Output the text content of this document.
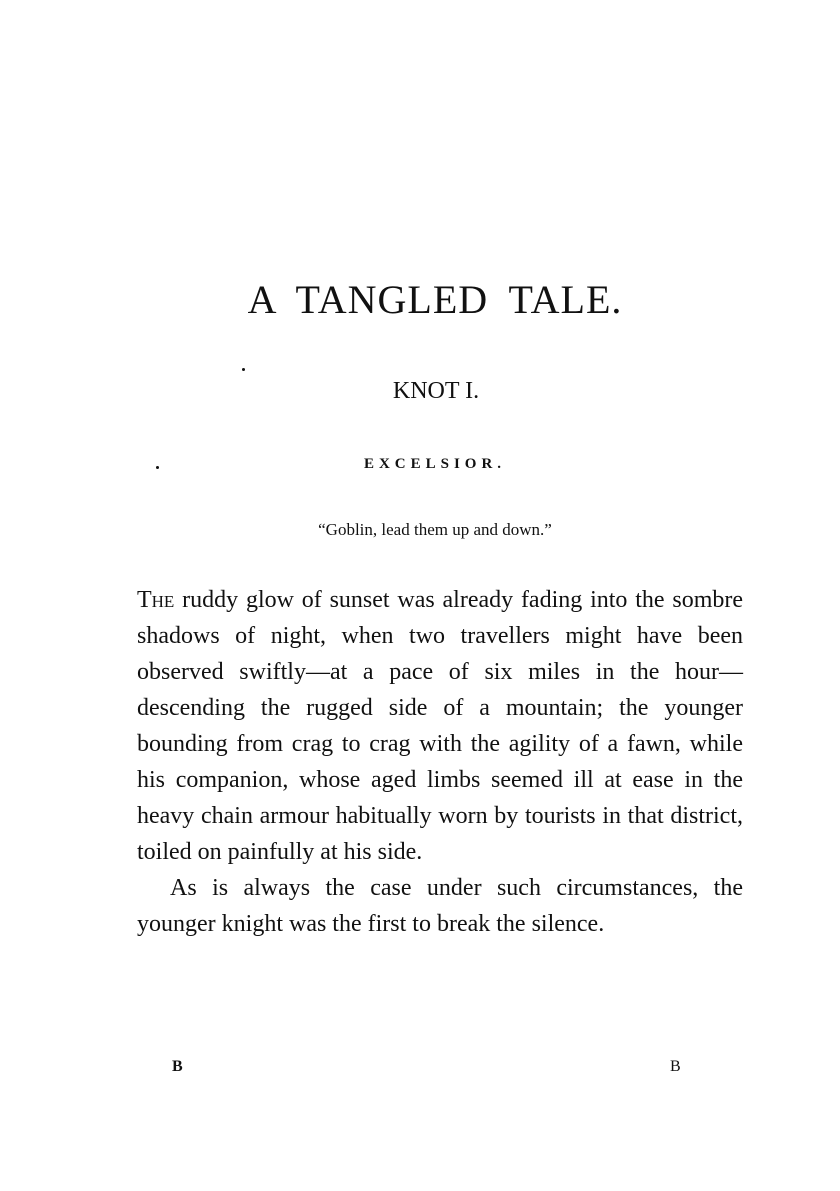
A TANGLED TALE.
KNOT I.
EXCELSIOR.

“Goblin, lead them up and down.”

The ruddy glow of sunset was already fading into the sombre shadows of night, when two travellers might have been observed swiftly—at a pace of six miles in the hour—descending the rugged side of a mountain; the younger bounding from crag to crag with the agility of a fawn, while his companion, whose aged limbs seemed ill at ease in the heavy chain armour habitually worn by tourists in that district, toiled on painfully at his side.

As is always the case under such circumstances, the younger knight was the first to break the silence.

B	B
